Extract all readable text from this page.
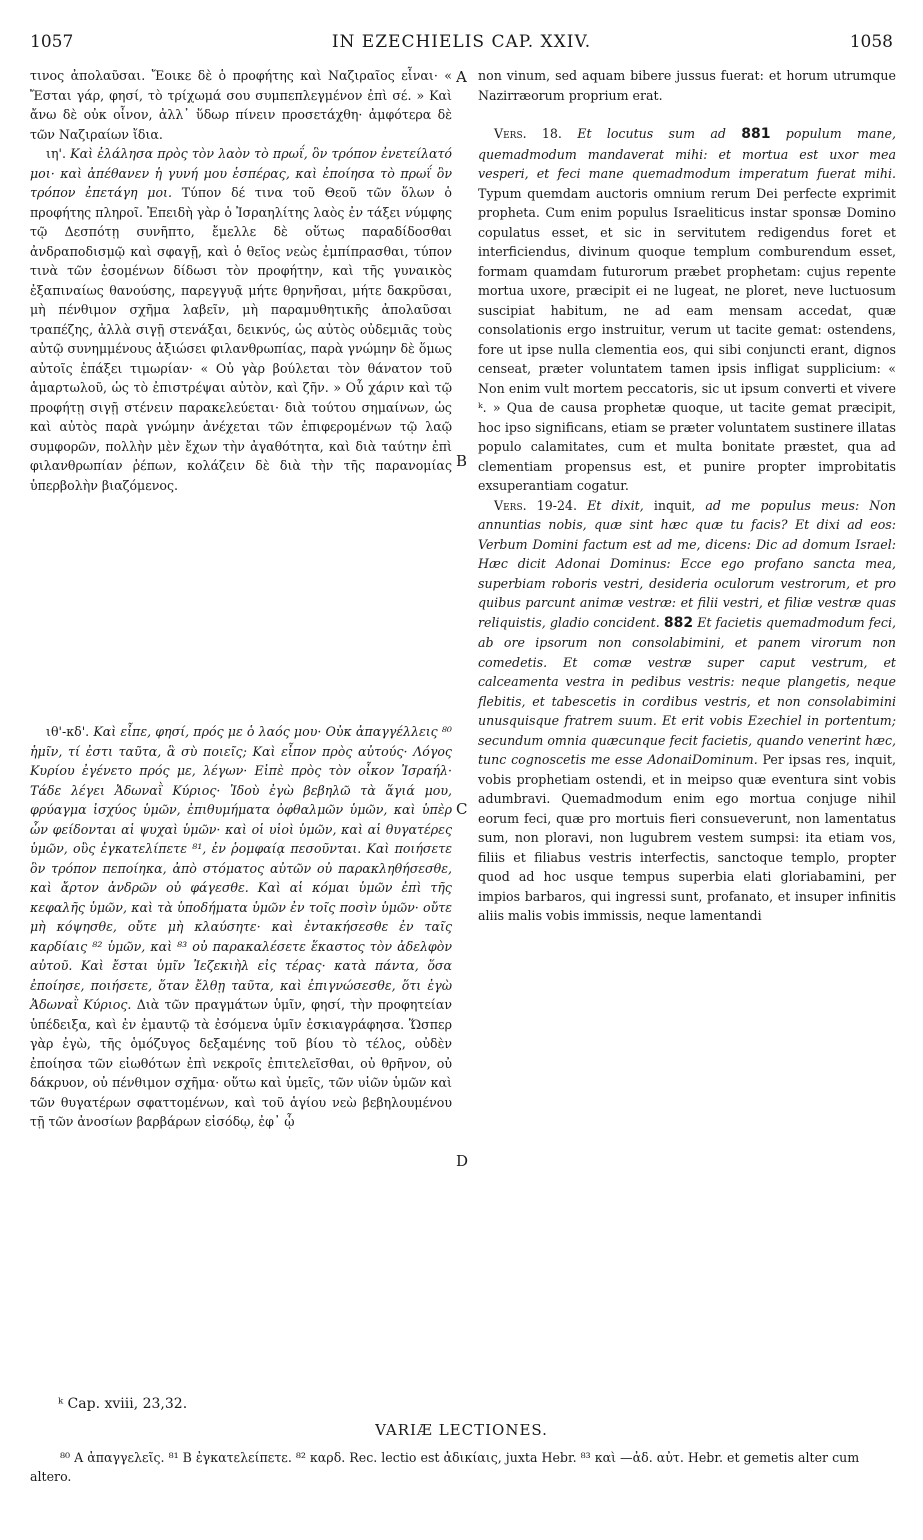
1057	IN EZECHIELIS CAP. XXIV.	1058
A
B
C
D

τινος ἀπολαῦσαι. Ἔοικε δὲ ὁ προφήτης καὶ Ναζιραῖος εἶναι· « Ἔσται γάρ, φησί, τὸ τρίχωμά σου συμπεπλεγμένον ἐπὶ σέ. » Καὶ ἄνω δὲ οὐκ οἶνον, ἀλλ᾽ ὕδωρ πίνειν προσετάχθη· ἀμφότερα δὲ τῶν Ναζιραίων ἴδια.

ιη'. Καὶ ἐλάλησα πρὸς τὸν λαὸν τὸ πρωΐ, ὃν τρόπον ἐνετείλατό μοι· καὶ ἀπέθανεν ἡ γυνή μου ἑσπέρας, καὶ ἐποίησα τὸ πρωΐ ὃν τρόπον ἐπετάγη μοι. Τύπον δέ τινα τοῦ Θεοῦ τῶν ὅλων ὁ προφήτης πληροῖ. Ἐπειδὴ γὰρ ὁ Ἰσραηλίτης λαὸς ἐν τάξει νύμφης τῷ Δεσπότῃ συνῆπτο, ἔμελλε δὲ οὕτως παραδίδοσθαι ἀνδραποδισμῷ καὶ σφαγῇ, καὶ ὁ θεῖος νεὼς ἐμπίπρασθαι, τύπον τινὰ τῶν ἐσομένων δίδωσι τὸν προφήτην, καὶ τῆς γυναικὸς ἐξαπιναίως θανούσης, παρεγγυᾷ μήτε θρηνῆσαι, μήτε δακρῦσαι, μὴ πένθιμον σχῆμα λαβεῖν, μὴ παραμυθητικῆς ἀπολαῦσαι τραπέζης, ἀλλὰ σιγῇ στενάξαι, δεικνύς, ὡς αὐτὸς οὐδεμιᾶς τοὺς αὐτῷ συνημμένους ἀξιώσει φιλανθρωπίας, παρὰ γνώμην δὲ ὅμως αὐτοῖς ἐπάξει τιμωρίαν· « Οὐ γὰρ βούλεται τὸν θάνατον τοῦ ἁμαρτωλοῦ, ὡς τὸ ἐπιστρέψαι αὐτὸν, καὶ ζῆν. » Οὗ χάριν καὶ τῷ προφήτῃ σιγῇ στένειν παρακελεύεται· διὰ τούτου σημαίνων, ὡς καὶ αὐτὸς παρὰ γνώμην ἀνέχεται τῶν ἐπιφερομένων τῷ λαῷ συμφορῶν, πολλὴν μὲν ἔχων τὴν ἀγαθότητα, καὶ διὰ ταύτην ἐπὶ φιλανθρωπίαν ῥέπων, κολάζειν δὲ διὰ τὴν τῆς παρανομίας ὑπερβολὴν βιαζόμενος.

ιθ'-κδ'. Καὶ εἶπε, φησί, πρός με ὁ λαός μου· Οὐκ ἀπαγγέλλεις ⁸⁰ ἡμῖν, τί ἐστι ταῦτα, ἃ σὺ ποιεῖς; Καὶ εἶπον πρὸς αὐτούς· Λόγος Κυρίου ἐγένετο πρός με, λέγων· Εἰπὲ πρὸς τὸν οἶκον Ἰσραήλ· Τάδε λέγει Ἀδωναῒ Κύριος· Ἰδοὺ ἐγὼ βεβηλῶ τὰ ἅγιά μου, φρύαγμα ἰσχύος ὑμῶν, ἐπιθυμήματα ὀφθαλμῶν ὑμῶν, καὶ ὑπὲρ ὧν φείδονται αἱ ψυχαὶ ὑμῶν· καὶ οἱ υἱοὶ ὑμῶν, καὶ αἱ θυγατέρες ὑμῶν, οὓς ἐγκατελίπετε ⁸¹, ἐν ῥομφαίᾳ πεσοῦνται. Καὶ ποιήσετε ὃν τρόπον πεποίηκα, ἀπὸ στόματος αὐτῶν οὐ παρακληθήσεσθε, καὶ ἄρτον ἀνδρῶν οὐ φάγεσθε. Καὶ αἱ κόμαι ὑμῶν ἐπὶ τῆς κεφαλῆς ὑμῶν, καὶ τὰ ὑποδήματα ὑμῶν ἐν τοῖς ποσὶν ὑμῶν· οὔτε μὴ κόψησθε, οὔτε μὴ κλαύσητε· καὶ ἐντακήσεσθε ἐν ταῖς καρδίαις ⁸² ὑμῶν, καὶ ⁸³ οὐ παρακαλέσετε ἕκαστος τὸν ἀδελφὸν αὐτοῦ. Καὶ ἔσται ὑμῖν Ἰεζεκιὴλ εἰς τέρας· κατὰ πάντα, ὅσα ἐποίησε, ποιήσετε, ὅταν ἔλθῃ ταῦτα, καὶ ἐπιγνώσεσθε, ὅτι ἐγὼ Ἀδωναῒ Κύριος. Διὰ τῶν πραγμάτων ὑμῖν, φησί, τὴν προφητείαν ὑπέδειξα, καὶ ἐν ἐμαυτῷ τὰ ἐσόμενα ὑμῖν ἐσκιαγράφησα. Ὥσπερ γὰρ ἐγὼ, τῆς ὁμόζυγος δεξαμένης τοῦ βίου τὸ τέλος, οὐδὲν ἐποίησα τῶν εἰωθότων ἐπὶ νεκροῖς ἐπιτελεῖσθαι, οὐ θρῆνον, οὐ δάκρυον, οὐ πένθιμον σχῆμα· οὕτω καὶ ὑμεῖς, τῶν υἱῶν ὑμῶν καὶ τῶν θυγατέρων σφαττομένων, καὶ τοῦ ἁγίου νεὼ βεβηλουμένου τῇ τῶν ἀνοσίων βαρβάρων εἰσόδῳ, ἐφ᾽ ᾧ

non vinum, sed aquam bibere jussus fuerat: et horum utrumque Nazirræorum proprium erat.

Vers. 18. Et locutus sum ad 881 populum mane, quemadmodum mandaverat mihi: et mortua est uxor mea vesperi, et feci mane quemadmodum imperatum fuerat mihi. Typum quemdam auctoris omnium rerum Dei perfecte exprimit propheta. Cum enim populus Israeliticus instar sponsæ Domino copulatus esset, et sic in servitutem redigendus foret et interficiendus, divinum quoque templum comburendum esset, formam quamdam futurorum præbet prophetam: cujus repente mortua uxore, præcipit ei ne lugeat, ne ploret, neve luctuosum suscipiat habitum, ne ad eam mensam accedat, quæ consolationis ergo instruitur, verum ut tacite gemat: ostendens, fore ut ipse nulla clementia eos, qui sibi conjuncti erant, dignos censeat, præter voluntatem tamen ipsis infligat supplicium: « Non enim vult mortem peccatoris, sic ut ipsum converti et vivere ᵏ. » Qua de causa prophetæ quoque, ut tacite gemat præcipit, hoc ipso significans, etiam se præter voluntatem sustinere illatas populo calamitates, cum et multa bonitate præstet, qua ad clementiam propensus est, et punire propter improbitatis exsuperantiam cogatur.

Vers. 19-24. Et dixit, inquit, ad me populus meus: Non annuntias nobis, quæ sint hæc quæ tu facis? Et dixi ad eos: Verbum Domini factum est ad me, dicens: Dic ad domum Israel: Hæc dicit Adonai Dominus: Ecce ego profano sancta mea, superbiam roboris vestri, desideria oculorum vestrorum, et pro quibus parcunt animæ vestræ: et filii vestri, et filiæ vestræ quas reliquistis, gladio concident. 882 Et facietis quemadmodum feci, ab ore ipsorum non consolabimini, et panem virorum non comedetis. Et comæ vestræ super caput vestrum, et calceamenta vestra in pedibus vestris: neque plangetis, neque flebitis, et tabescetis in cordibus vestris, et non consolabimini unusquisque fratrem suum. Et erit vobis Ezechiel in portentum; secundum omnia quæcunque fecit facietis, quando venerint hæc, tunc cognoscetis me esse AdonaiDominum. Per ipsas res, inquit, vobis prophetiam ostendi, et in meipso quæ eventura sint vobis adumbravi. Quemadmodum enim ego mortua conjuge nihil eorum feci, quæ pro mortuis fieri consueverunt, non lamentatus sum, non ploravi, non lugubrem vestem sumpsi: ita etiam vos, filiis et filiabus vestris interfectis, sanctoque templo, propter quod ad hoc usque tempus superbia elati gloriabamini, per impios barbaros, qui ingressi sunt, profanato, et insuper infinitis aliis malis vobis immissis, neque lamentandi

ᵏ Cap. xviii, 23,32.
VARIÆ LECTIONES.
⁸⁰ A ἀπαγγελεῖς. ⁸¹ B ἐγκατελείπετε. ⁸² καρδ. Rec. lectio est ἀδικίαις, juxta Hebr. ⁸³ καὶ —ἀδ. αὐτ. Hebr. et gemetis alter cum altero.
